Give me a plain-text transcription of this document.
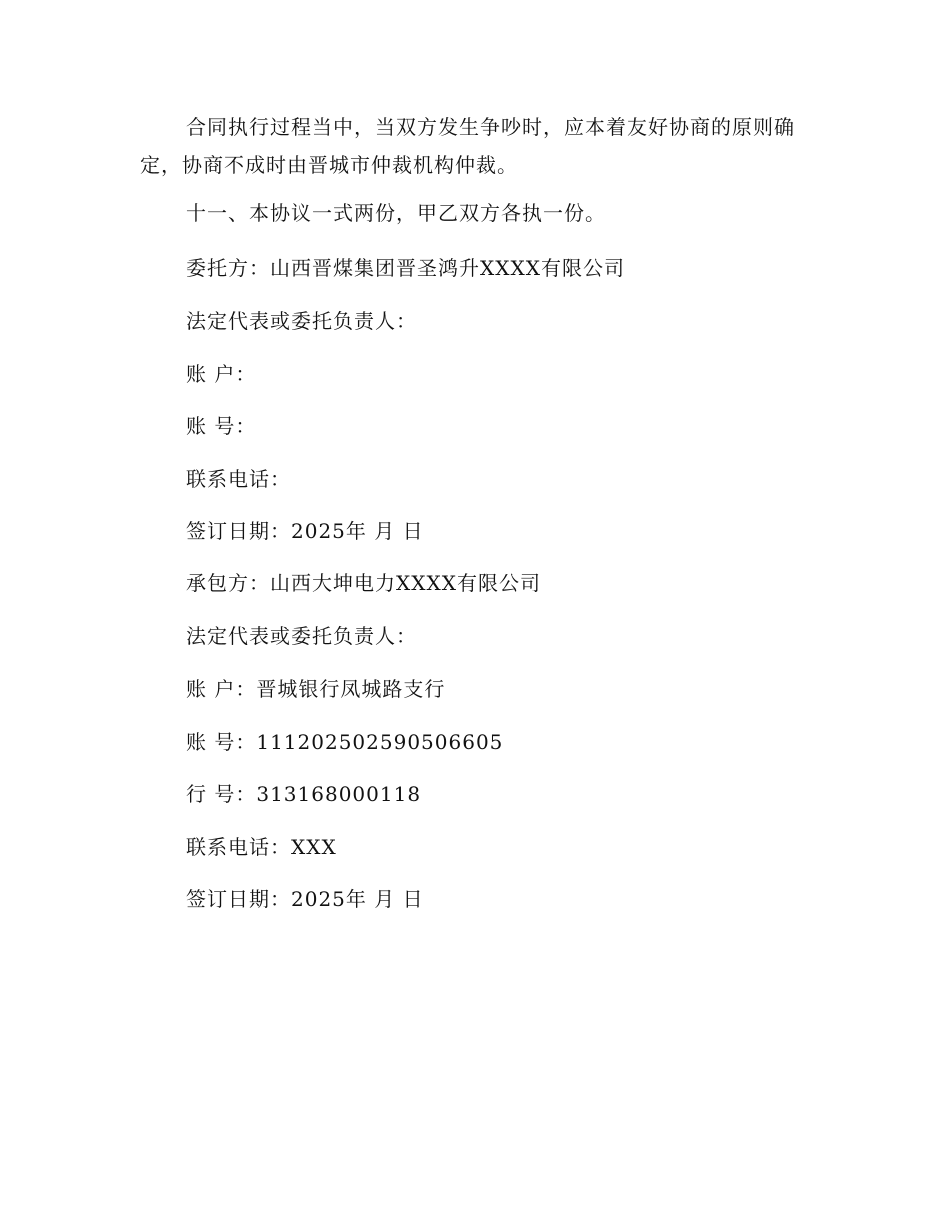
合同执行过程当中，当双方发生争吵时，应本着友好协商的原则确定，协商不成时由晋城市仲裁机构仲裁。

十一、本协议一式两份，甲乙双方各执一份。

委托方：山西晋煤集团晋圣鸿升XXXX有限公司

法定代表或委托负责人：

账 户：

账 号：

联系电话：

签订日期：2025年 月 日

承包方：山西大坤电力XXXX有限公司

法定代表或委托负责人：

账 户：晋城银行凤城路支行

账 号：111202502590506605

行 号：313168000118

联系电话：XXX

签订日期：2025年 月 日
